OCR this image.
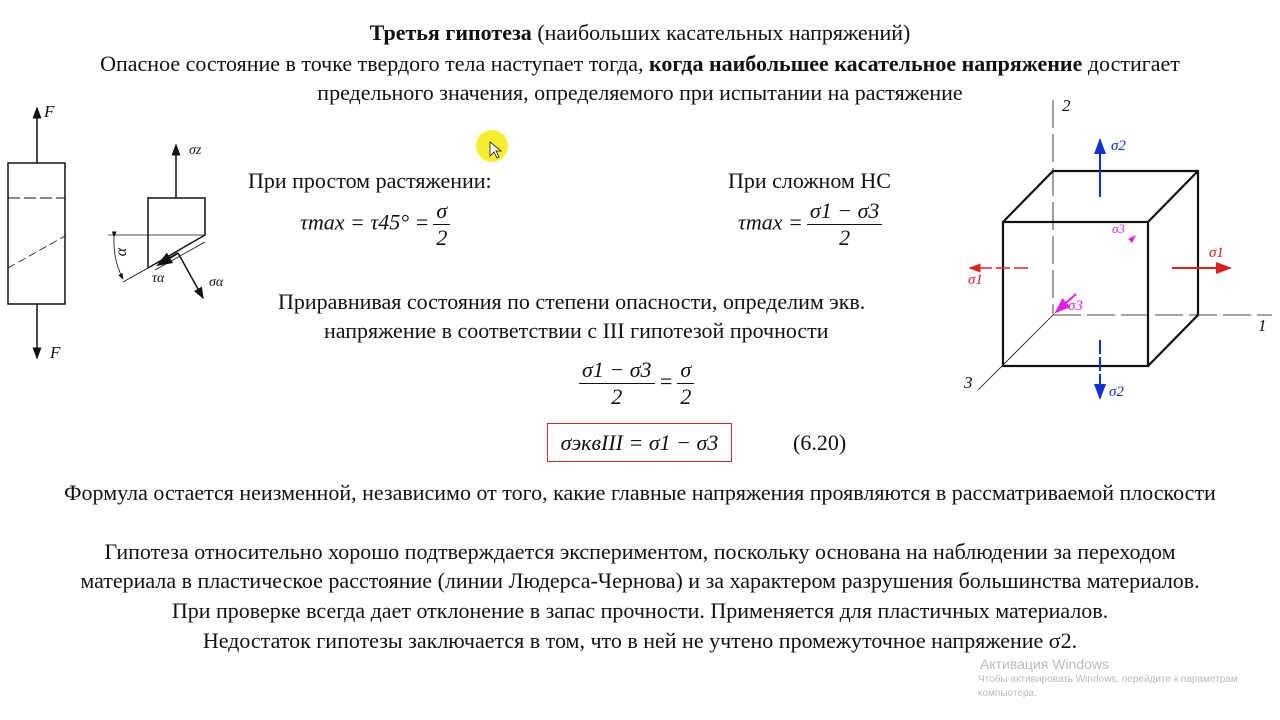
Третья гипотеза (наибольших касательных напряжений)
Опасное состояние в точке твердого тела наступает тогда, когда наибольшее касательное напряжение достигает
предельного значения, определяемого при испытании на растяжение
При простом растяжении:
$\tau\max = \tau 45^\circ = \frac{\sigma}{2}$
При сложном НС
$\tau\max = \frac{\sigma 1 - \sigma 3}{2}$
Приравнивая состояния по степени опасности, определим экв.
напряжение в соответствии с III гипотезой прочности
$\frac{\sigma 1 - \sigma 3}{2} = \frac{\sigma}{2}$
σэквIII = σ1 − σ3	(6.20)
Формула остается неизменной, независимо от того, какие главные напряжения проявляются в рассматриваемой плоскости
Гипотеза относительно хорошо подтверждается экспериментом, поскольку основана на наблюдении за переходом
материала в пластическое расстояние (линии Людерса-Чернова) и за характером разрушения большинства материалов.
При проверке всегда дает отклонение в запас прочности. Применяется для пластичных материалов.
Недостаток гипотезы заключается в том, что в ней не учтено промежуточное напряжение σ2.
F
F
σz
α
τα	σα
2
1
3
σ2
σ2
σ1
σ1
σ3
σ3
Активация Windows
Чтобы активировать Windows, перейдите к параметрам
компьютера.
